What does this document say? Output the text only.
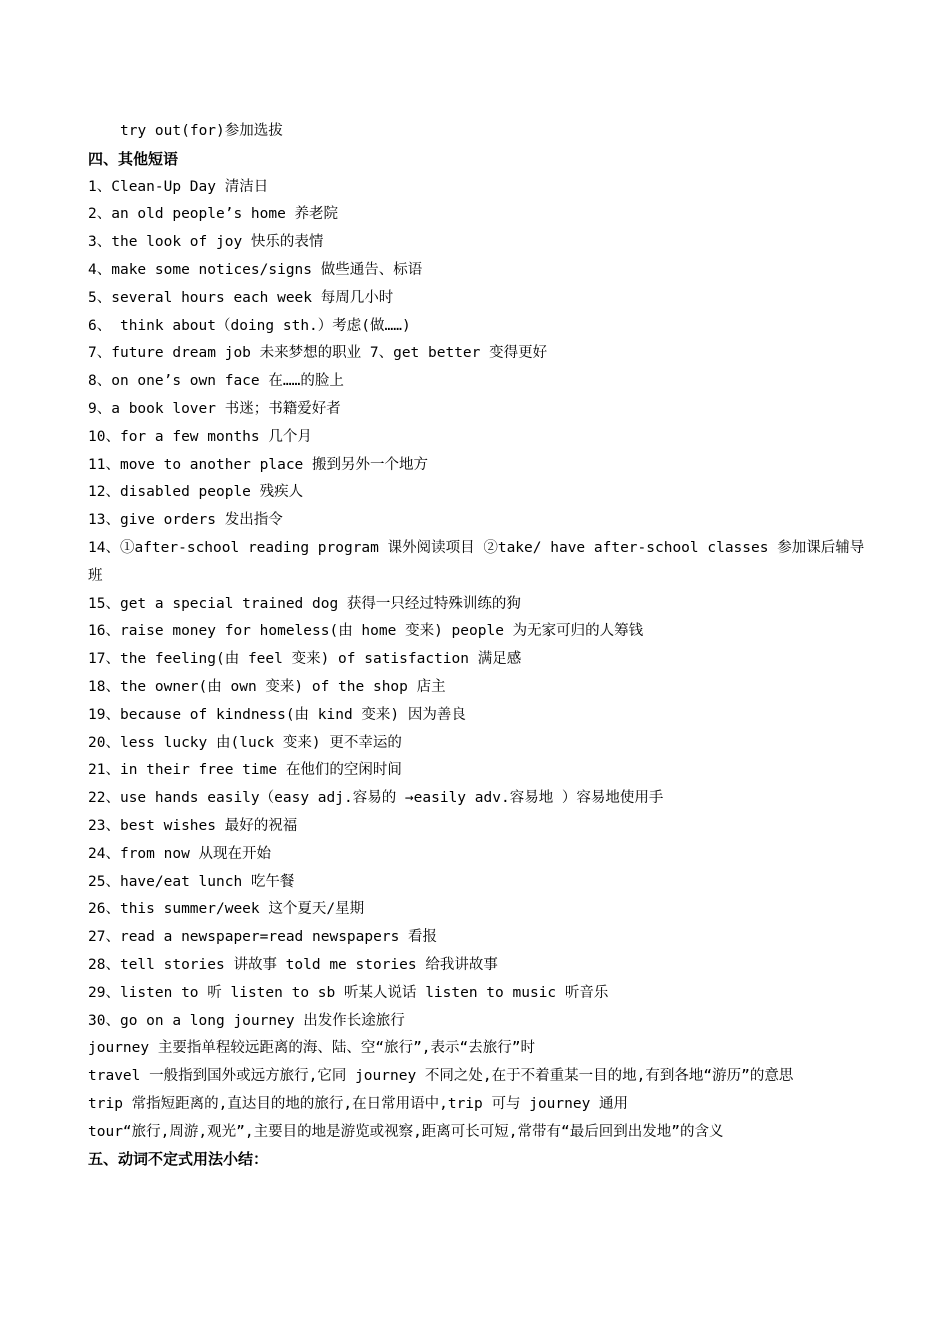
try out(for)参加选拔
四、其他短语
1、Clean-Up Day 清洁日
2、an old people’s home 养老院
3、the look of joy 快乐的表情
4、make some notices/signs 做些通告、标语
5、several hours each week 每周几小时
6、 think about（doing sth.）考虑(做……)
7、future dream job 未来梦想的职业 7、get better 变得更好
8、on one’s own face 在……的脸上
9、a book lover 书迷；书籍爱好者
10、for a few months 几个月
11、move to another place 搬到另外一个地方
12、disabled people 残疾人
13、give orders 发出指令
14、①after-school reading program 课外阅读项目 ②take/ have after-school classes 参加课后辅导班
15、get a special trained dog 获得一只经过特殊训练的狗
16、raise money for homeless(由 home 变来) people 为无家可归的人筹钱
17、the feeling(由 feel 变来) of satisfaction 满足感
18、the owner(由 own 变来) of the shop 店主
19、because of kindness(由 kind 变来) 因为善良
20、less lucky 由(luck 变来) 更不幸运的
21、in their free time 在他们的空闲时间
22、use hands easily（easy adj.容易的 →easily adv.容易地 ）容易地使用手
23、best wishes 最好的祝福
24、from now 从现在开始
25、have/eat lunch 吃午餐
26、this summer/week 这个夏天/星期
27、read a newspaper=read newspapers 看报
28、tell stories 讲故事 told me stories 给我讲故事
29、listen to 听 listen to sb 听某人说话 listen to music 听音乐
30、go on a long journey 出发作长途旅行
journey 主要指单程较远距离的海、陆、空“旅行”,表示“去旅行”时
travel 一般指到国外或远方旅行,它同 journey 不同之处,在于不着重某一目的地,有到各地“游历”的意思
trip 常指短距离的,直达目的地的旅行,在日常用语中,trip 可与 journey 通用
tour“旅行,周游,观光”,主要目的地是游览或视察,距离可长可短,常带有“最后回到出发地”的含义
五、动词不定式用法小结：
